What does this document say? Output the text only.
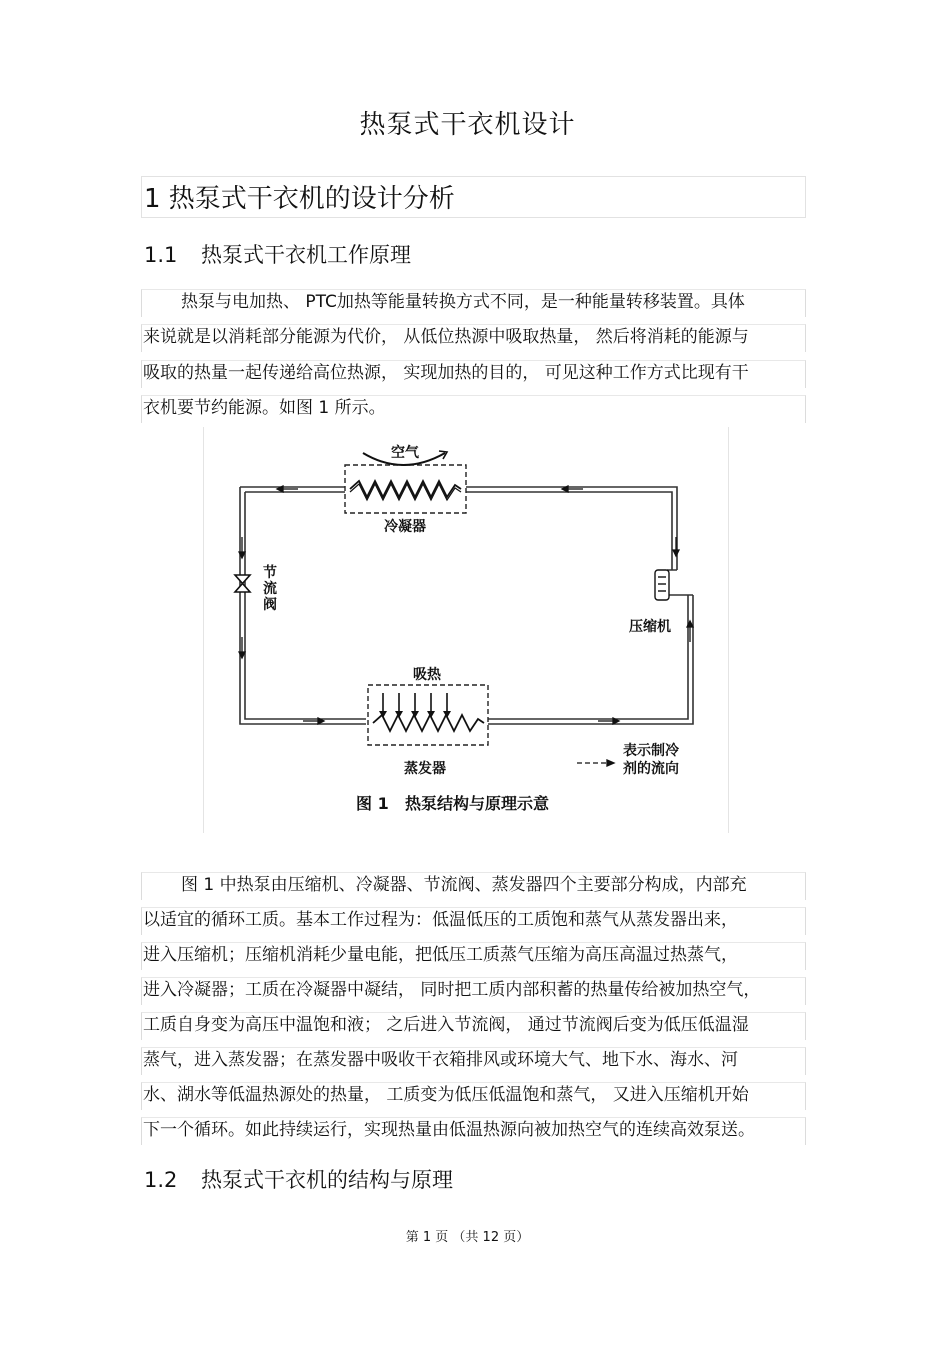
热泵式干衣机设计
1 热泵式干衣机的设计分析
1.1 热泵式干衣机工作原理
热泵与电加热、 PTC加热等能量转换方式不同，是一种能量转移装置。具体
来说就是以消耗部分能源为代价， 从低位热源中吸取热量， 然后将消耗的能源与
吸取的热量一起传递给高位热源， 实现加热的目的， 可见这种工作方式比现有干
衣机要节约能源。如图 1 所示。
空气
冷凝器
节
流
阀
压缩机
吸热
蒸发器
表示制冷
剂的流向
图 1 热泵结构与原理示意
图 1 中热泵由压缩机、冷凝器、节流阀、蒸发器四个主要部分构成，内部充
以适宜的循环工质。基本工作过程为：低温低压的工质饱和蒸气从蒸发器出来，
进入压缩机；压缩机消耗少量电能，把低压工质蒸气压缩为高压高温过热蒸气，
进入冷凝器；工质在冷凝器中凝结， 同时把工质内部积蓄的热量传给被加热空气，
工质自身变为高压中温饱和液； 之后进入节流阀， 通过节流阀后变为低压低温湿
蒸气，进入蒸发器；在蒸发器中吸收干衣箱排风或环境大气、地下水、海水、河
水、湖水等低温热源处的热量， 工质变为低压低温饱和蒸气， 又进入压缩机开始
下一个循环。如此持续运行，实现热量由低温热源向被加热空气的连续高效泵送。
1.2 热泵式干衣机的结构与原理
第 1 页 （共 12 页）
